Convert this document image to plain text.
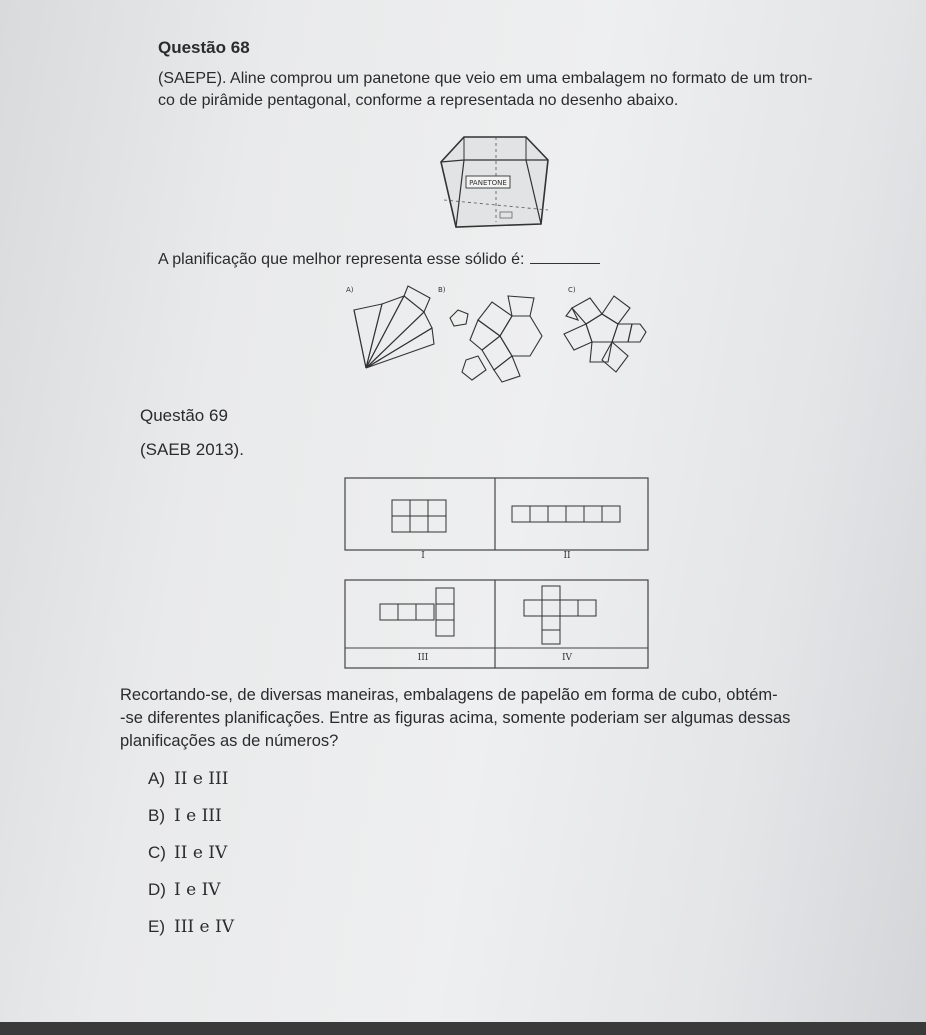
Questão 68
(SAEPE). Aline comprou um panetone que veio em uma embalagem no formato de um tron-
co de pirâmide pentagonal, conforme a representada no desenho abaixo.
PANETONE
A planificação que melhor representa esse sólido é:
A)	B)	C)
Questão 69
(SAEB 2013).
I	II
III	IV
Recortando-se, de diversas maneiras, embalagens de papelão em forma de cubo, obtém-
-se diferentes planificações. Entre as figuras acima, somente poderiam ser algumas dessas
planificações as de números?
A) II e III
B) I e III
C) II e IV
D) I e IV
E) III e IV
